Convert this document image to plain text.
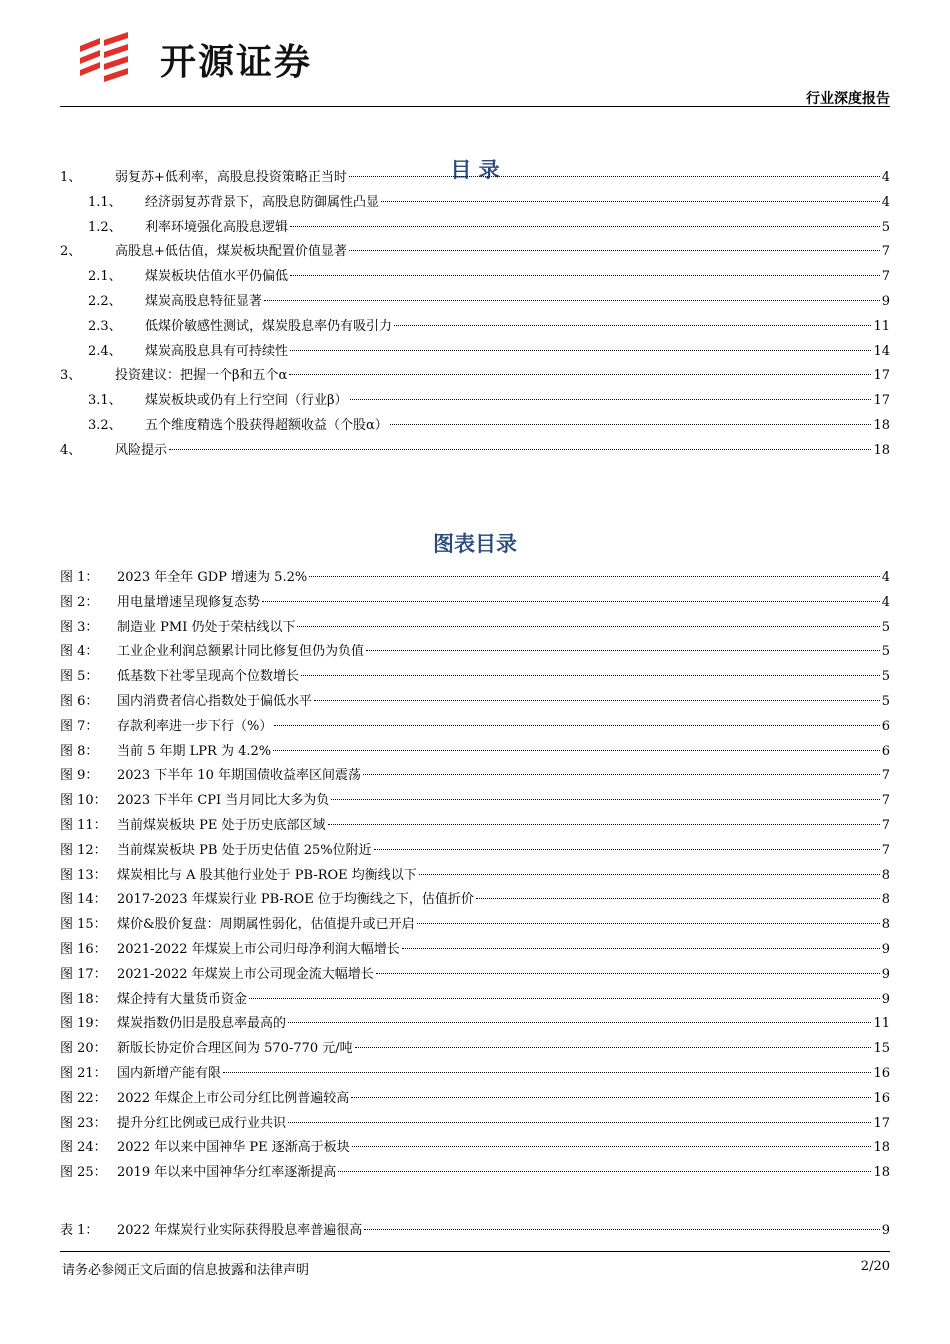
开源证券
行业深度报告
目 录
1、	弱复苏+低利率，高股息投资策略正当时	4
1.1、	经济弱复苏背景下，高股息防御属性凸显	4
1.2、	利率环境强化高股息逻辑	5
2、	高股息+低估值，煤炭板块配置价值显著	7
2.1、	煤炭板块估值水平仍偏低	7
2.2、	煤炭高股息特征显著	9
2.3、	低煤价敏感性测试，煤炭股息率仍有吸引力	11
2.4、	煤炭高股息具有可持续性	14
3、	投资建议：把握一个β和五个α	17
3.1、	煤炭板块或仍有上行空间（行业β）	17
3.2、	五个维度精选个股获得超额收益（个股α）	18
4、	风险提示	18
图表目录
图 1：	2023 年全年 GDP 增速为 5.2%	4
图 2：	用电量增速呈现修复态势	4
图 3：	制造业 PMI 仍处于荣枯线以下	5
图 4：	工业企业利润总额累计同比修复但仍为负值	5
图 5：	低基数下社零呈现高个位数增长	5
图 6：	国内消费者信心指数处于偏低水平	5
图 7：	存款利率进一步下行（%）	6
图 8：	当前 5 年期 LPR 为 4.2%	6
图 9：	2023 下半年 10 年期国债收益率区间震荡	7
图 10： 2023 下半年 CPI 当月同比大多为负	7
图 11： 当前煤炭板块 PE 处于历史底部区域	7
图 12： 当前煤炭板块 PB 处于历史估值 25%位附近	7
图 13： 煤炭相比与 A 股其他行业处于 PB-ROE 均衡线以下	8
图 14： 2017-2023 年煤炭行业 PB-ROE 位于均衡线之下，估值折价	8
图 15： 煤价&股价复盘：周期属性弱化，估值提升或已开启	8
图 16： 2021-2022 年煤炭上市公司归母净利润大幅增长	9
图 17： 2021-2022 年煤炭上市公司现金流大幅增长	9
图 18： 煤企持有大量货币资金	9
图 19： 煤炭指数仍旧是股息率最高的	11
图 20： 新版长协定价合理区间为 570-770 元/吨	15
图 21： 国内新增产能有限	16
图 22： 2022 年煤企上市公司分红比例普遍较高	16
图 23： 提升分红比例或已成行业共识	17
图 24： 2022 年以来中国神华 PE 逐渐高于板块	18
图 25： 2019 年以来中国神华分红率逐渐提高	18
表 1：	2022 年煤炭行业实际获得股息率普遍很高	9
请务必参阅正文后面的信息披露和法律声明	2/20
